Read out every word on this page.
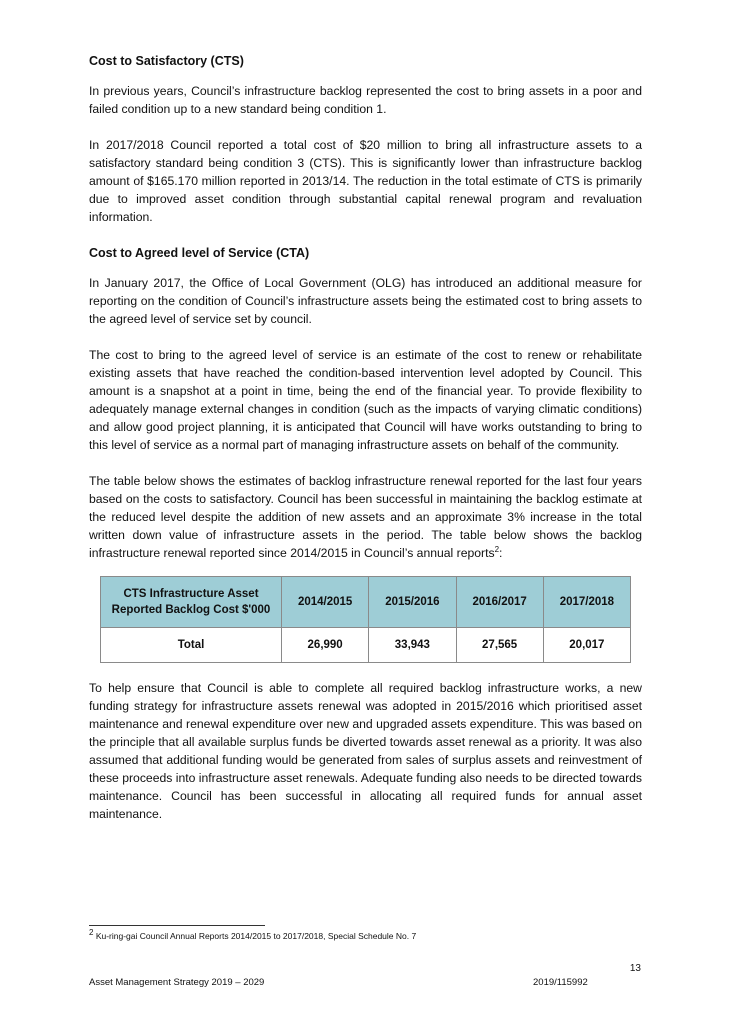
Cost to Satisfactory (CTS)

In previous years, Council’s infrastructure backlog represented the cost to bring assets in a poor and failed condition up to a new standard being condition 1.

In 2017/2018 Council reported a total cost of $20 million to bring all infrastructure assets to a satisfactory standard being condition 3 (CTS). This is significantly lower than infrastructure backlog amount of $165.170 million reported in 2013/14. The reduction in the total estimate of CTS is primarily due to improved asset condition through substantial capital renewal program and revaluation information.

Cost to Agreed level of Service (CTA)

In January 2017, the Office of Local Government (OLG) has introduced an additional measure for reporting on the condition of Council’s infrastructure assets being the estimated cost to bring assets to the agreed level of service set by council.

The cost to bring to the agreed level of service is an estimate of the cost to renew or rehabilitate existing assets that have reached the condition-based intervention level adopted by Council. This amount is a snapshot at a point in time, being the end of the financial year. To provide flexibility to adequately manage external changes in condition (such as the impacts of varying climatic conditions) and allow good project planning, it is anticipated that Council will have works outstanding to bring to this level of service as a normal part of managing infrastructure assets on behalf of the community.

The table below shows the estimates of backlog infrastructure renewal reported for the last four years based on the costs to satisfactory. Council has been successful in maintaining the backlog estimate at the reduced level despite the addition of new assets and an approximate 3% increase in the total written down value of infrastructure assets in the period. The table below shows the backlog infrastructure renewal reported since 2014/2015 in Council’s annual reports$^2$:

CTS Infrastructure Asset Reported Backlog Cost $'000	2014/2015	2015/2016	2016/2017	2017/2018
Total	26,990	33,943	27,565	20,017

To help ensure that Council is able to complete all required backlog infrastructure works, a new funding strategy for infrastructure assets renewal was adopted in 2015/2016 which prioritised asset maintenance and renewal expenditure over new and upgraded assets expenditure. This was based on the principle that all available surplus funds be diverted towards asset renewal as a priority. It was also assumed that additional funding would be generated from sales of surplus assets and reinvestment of these proceeds into infrastructure asset renewals. Adequate funding also needs to be directed towards maintenance. Council has been successful in allocating all required funds for annual asset maintenance.

$^2$ Ku-ring-gai Council Annual Reports 2014/2015 to 2017/2018, Special Schedule No. 7
13
Asset Management Strategy 2019 – 2029	2019/115992
